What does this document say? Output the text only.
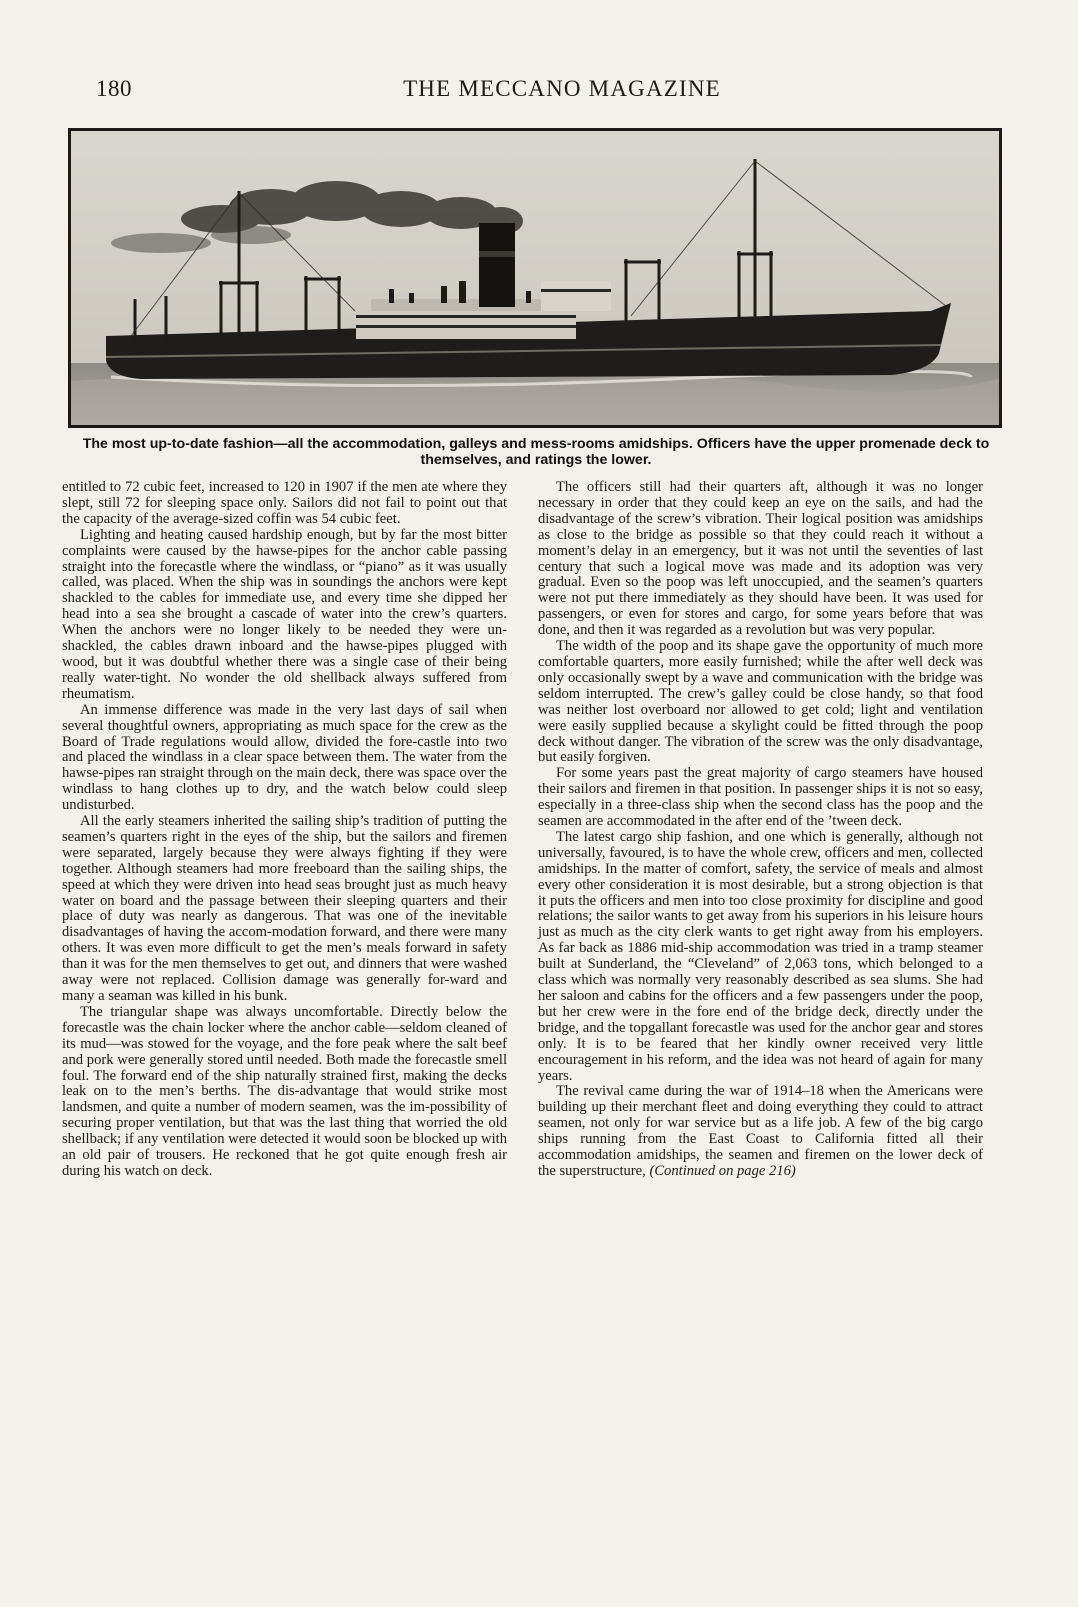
180	THE MECCANO MAGAZINE
The most up-to-date fashion—all the accommodation, galleys and mess-rooms amidships. Officers have the upper promenade deck to themselves, and ratings the lower.

entitled to 72 cubic feet, increased to 120 in 1907 if the men ate where they slept, still 72 for sleeping space only. Sailors did not fail to point out that the capacity of the average-sized coffin was 54 cubic feet.

Lighting and heating caused hardship enough, but by far the most bitter complaints were caused by the hawse-pipes for the anchor cable passing straight into the forecastle where the windlass, or “piano” as it was usually called, was placed. When the ship was in soundings the anchors were kept shackled to the cables for immediate use, and every time she dipped her head into a sea she brought a cascade of water into the crew’s quarters. When the anchors were no longer likely to be needed they were un-shackled, the cables drawn inboard and the hawse-pipes plugged with wood, but it was doubtful whether there was a single case of their being really water-tight. No wonder the old shellback always suffered from rheumatism.

An immense difference was made in the very last days of sail when several thoughtful owners, appropriating as much space for the crew as the Board of Trade regulations would allow, divided the fore-castle into two and placed the windlass in a clear space between them. The water from the hawse-pipes ran straight through on the main deck, there was space over the windlass to hang clothes up to dry, and the watch below could sleep undisturbed.

All the early steamers inherited the sailing ship’s tradition of putting the seamen’s quarters right in the eyes of the ship, but the sailors and firemen were separated, largely because they were always fighting if they were together. Although steamers had more freeboard than the sailing ships, the speed at which they were driven into head seas brought just as much heavy water on board and the passage between their sleeping quarters and their place of duty was nearly as dangerous. That was one of the inevitable disadvantages of having the accom-modation forward, and there were many others. It was even more difficult to get the men’s meals forward in safety than it was for the men themselves to get out, and dinners that were washed away were not replaced. Collision damage was generally for-ward and many a seaman was killed in his bunk.

The triangular shape was always uncomfortable. Directly below the forecastle was the chain locker where the anchor cable—seldom cleaned of its mud—was stowed for the voyage, and the fore peak where the salt beef and pork were generally stored until needed. Both made the forecastle smell foul. The forward end of the ship naturally strained first, making the decks leak on to the men’s berths. The dis-advantage that would strike most landsmen, and quite a number of modern seamen, was the im-possibility of securing proper ventilation, but that was the last thing that worried the old shellback; if any ventilation were detected it would soon be blocked up with an old pair of trousers. He reckoned that he got quite enough fresh air during his watch on deck.

The officers still had their quarters aft, although it was no longer necessary in order that they could keep an eye on the sails, and had the disadvantage of the screw’s vibration. Their logical position was amidships as close to the bridge as possible so that they could reach it without a moment’s delay in an emergency, but it was not until the seventies of last century that such a logical move was made and its adoption was very gradual. Even so the poop was left unoccupied, and the seamen’s quarters were not put there immediately as they should have been. It was used for passengers, or even for stores and cargo, for some years before that was done, and then it was regarded as a revolution but was very popular.

The width of the poop and its shape gave the opportunity of much more comfortable quarters, more easily furnished; while the after well deck was only occasionally swept by a wave and communication with the bridge was seldom interrupted. The crew’s galley could be close handy, so that food was neither lost overboard nor allowed to get cold; light and ventilation were easily supplied because a skylight could be fitted through the poop deck without danger. The vibration of the screw was the only disadvantage, but easily forgiven.

For some years past the great majority of cargo steamers have housed their sailors and firemen in that position. In passenger ships it is not so easy, especially in a three-class ship when the second class has the poop and the seamen are accommodated in the after end of the ’tween deck.

The latest cargo ship fashion, and one which is generally, although not universally, favoured, is to have the whole crew, officers and men, collected amidships. In the matter of comfort, safety, the service of meals and almost every other consideration it is most desirable, but a strong objection is that it puts the officers and men into too close proximity for discipline and good relations; the sailor wants to get away from his superiors in his leisure hours just as much as the city clerk wants to get right away from his employers. As far back as 1886 mid-ship accommodation was tried in a tramp steamer built at Sunderland, the “Cleveland” of 2,063 tons, which belonged to a class which was normally very reasonably described as sea slums. She had her saloon and cabins for the officers and a few passengers under the poop, but her crew were in the fore end of the bridge deck, directly under the bridge, and the topgallant forecastle was used for the anchor gear and stores only. It is to be feared that her kindly owner received very little encouragement in his reform, and the idea was not heard of again for many years.

The revival came during the war of 1914–18 when the Americans were building up their merchant fleet and doing everything they could to attract seamen, not only for war service but as a life job. A few of the big cargo ships running from the East Coast to California fitted all their accommodation amidships, the seamen and firemen on the lower deck of the superstructure, (Continued on page 216)
